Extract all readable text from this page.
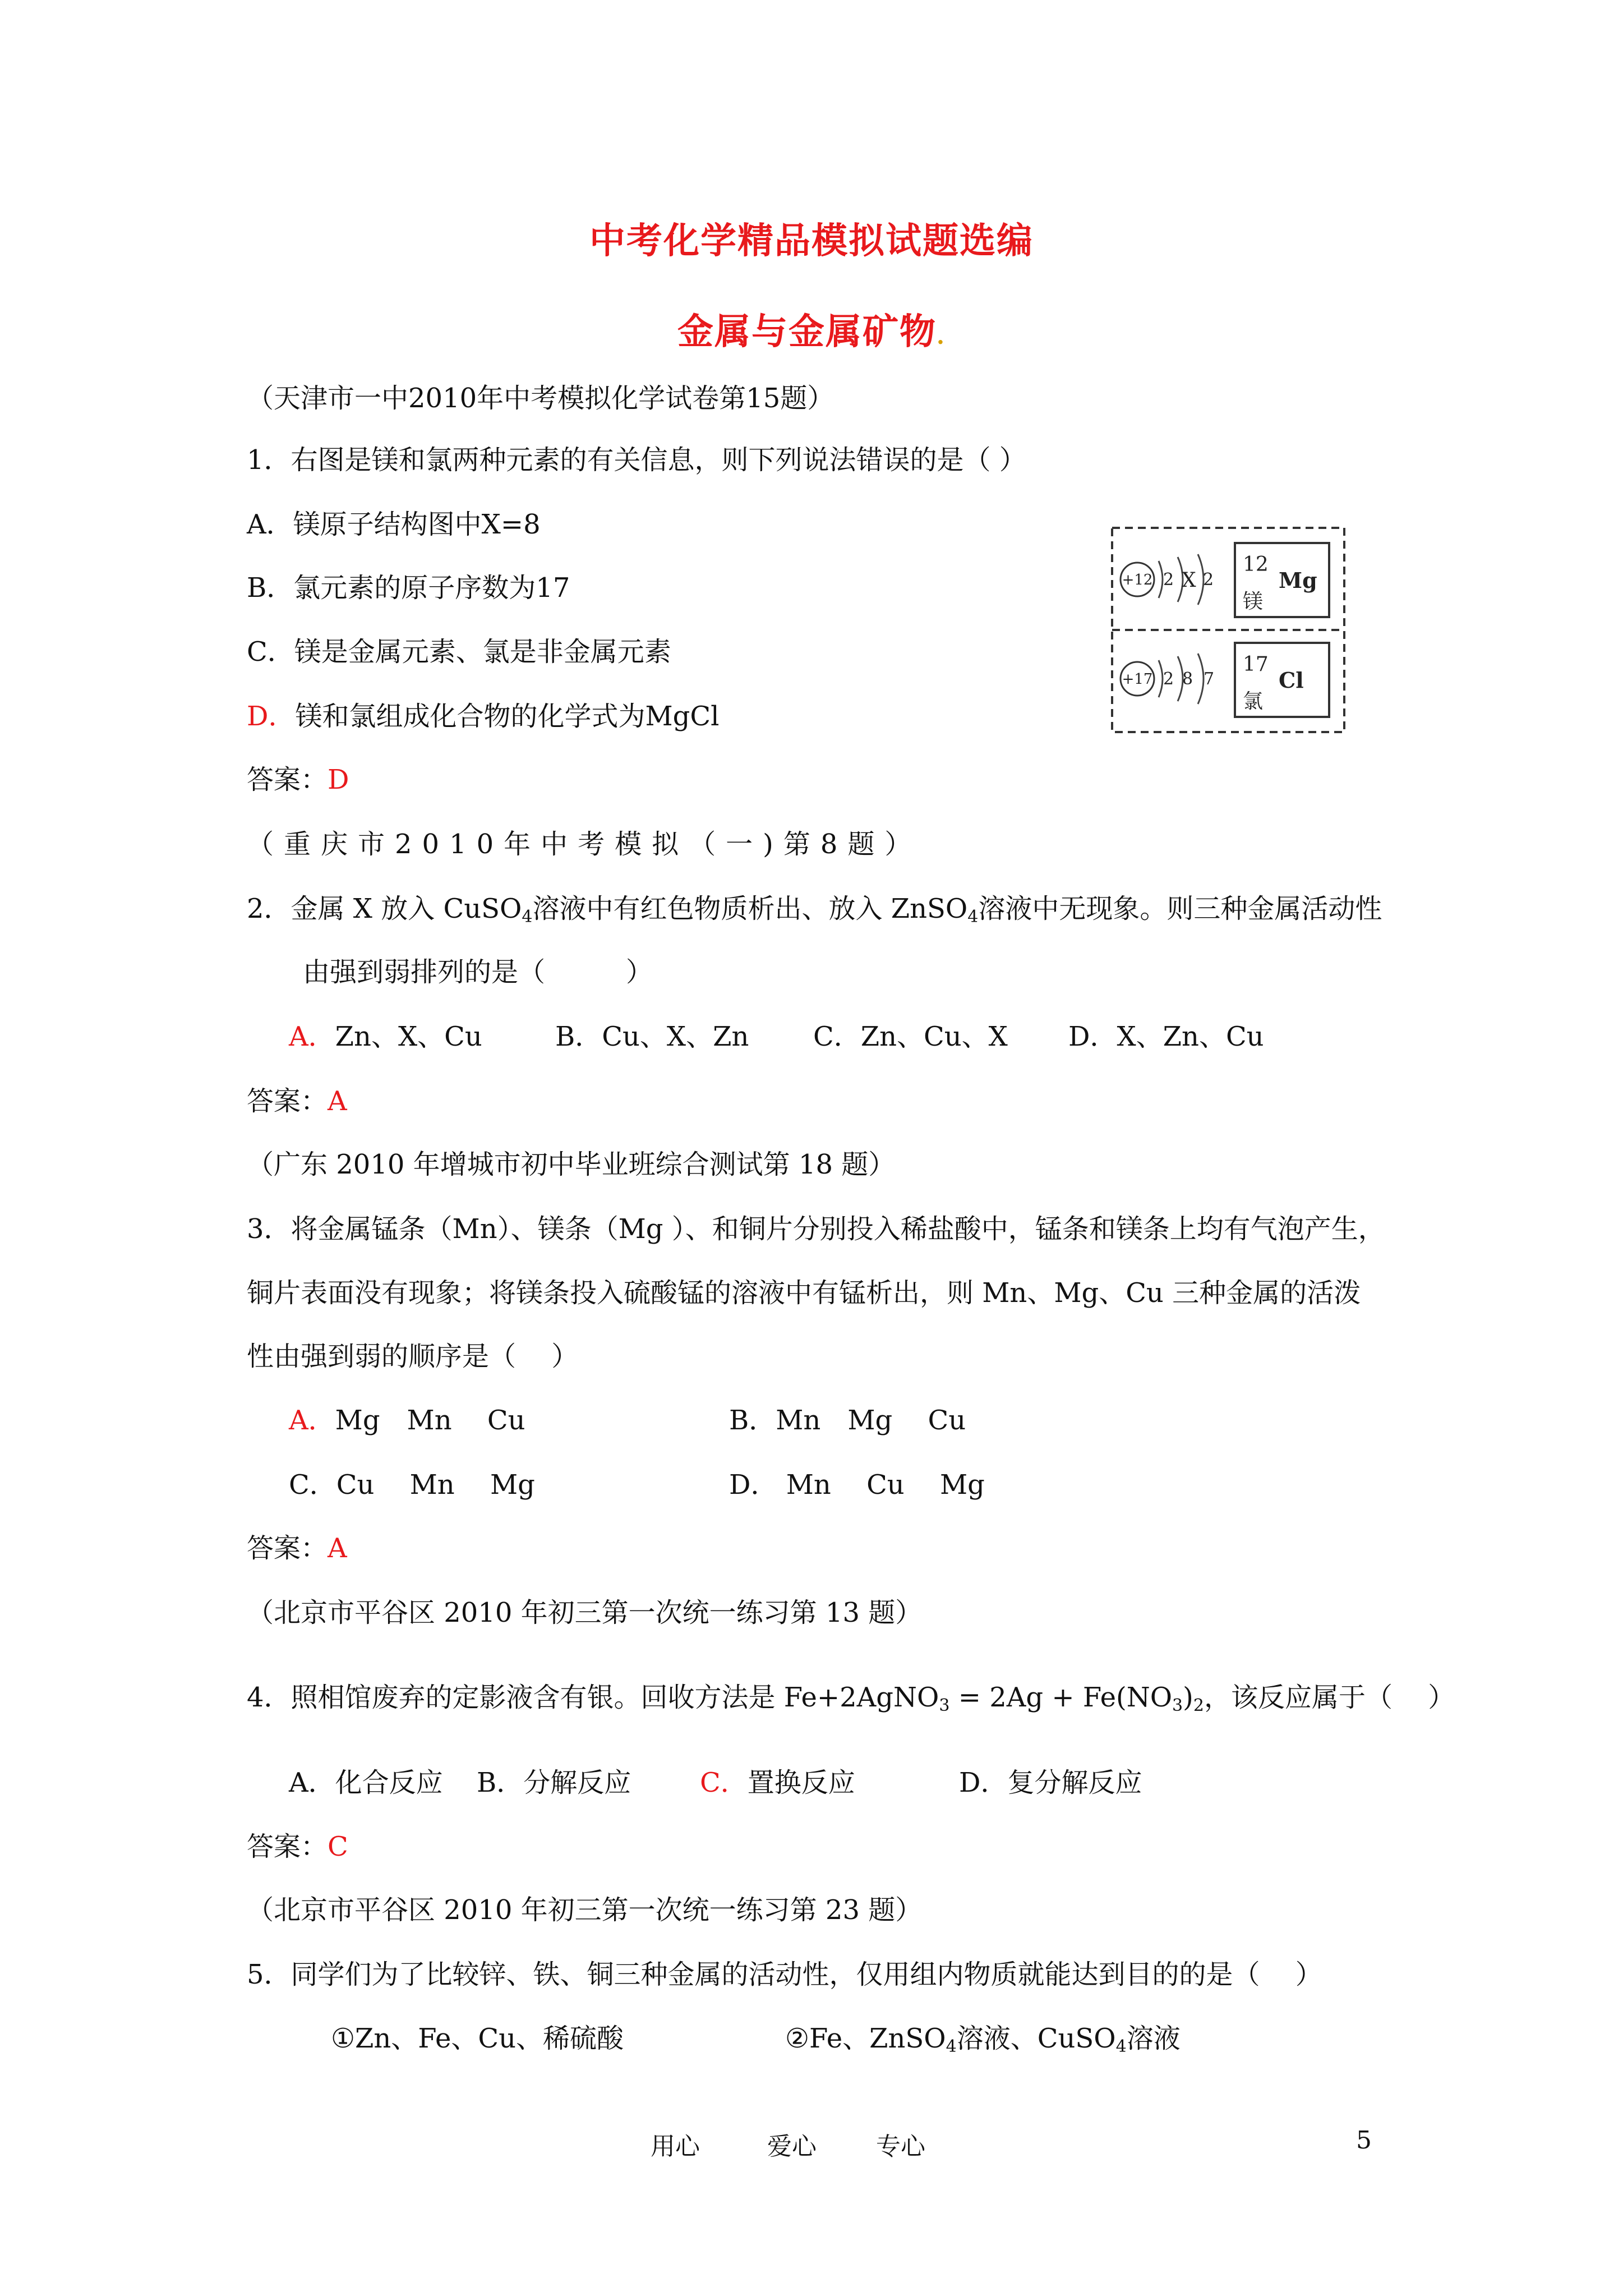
中考化学精品模拟试题选编
金属与金属矿物.
（天津市一中2010年中考模拟化学试卷第15题）
1．右图是镁和氯两种元素的有关信息，则下列说法错误的是（ ）
A．镁原子结构图中X=8
B．氯元素的原子序数为17
C．镁是金属元素、氯是非金属元素
D．镁和氯组成化合物的化学式为MgCl
答案：D
+12 2 X 2
12
Mg
镁
+17 2 8 7
17
Cl
氯
（重庆市2010年中考模拟（一)第8题）
2．金属 X 放入 CuSO$_4$溶液中有红色物质析出、放入 ZnSO$_4$溶液中无现象。则三种金属活动性
由强到弱排列的是（　　　）
A．Zn、X、Cu	B．Cu、X、Zn C．Zn、Cu、X D．X、Zn、Cu
答案：A
（广东 2010 年增城市初中毕业班综合测试第 18 题）
3．将金属锰条（Mn）、镁条（Mg ）、和铜片分别投入稀盐酸中，锰条和镁条上均有气泡产生，
铜片表面没有现象；将镁条投入硫酸锰的溶液中有锰析出，则 Mn、Mg、Cu 三种金属的活泼
性由强到弱的顺序是（　 ）
A．Mg　Mn　 Cu	B．Mn　Mg　 Cu
C．Cu　 Mn　 Mg	D． Mn　 Cu　 Mg
答案：A
（北京市平谷区 2010 年初三第一次统一练习第 13 题）
4．照相馆废弃的定影液含有银。回收方法是 Fe+2AgNO$_3$ = $2Ag + Fe(NO_3)_2$，该反应属于（　 ）
A．化合反应 B．分解反应	C．置换反应	D．复分解反应
答案：C
（北京市平谷区 2010 年初三第一次统一练习第 23 题）
5．同学们为了比较锌、铁、铜三种金属的活动性，仅用组内物质就能达到目的的是（　 ）
①Zn、Fe、Cu、稀硫酸	②Fe、ZnSO$_4$溶液、CuSO$_4$溶液
用心	爱心 专心	5
